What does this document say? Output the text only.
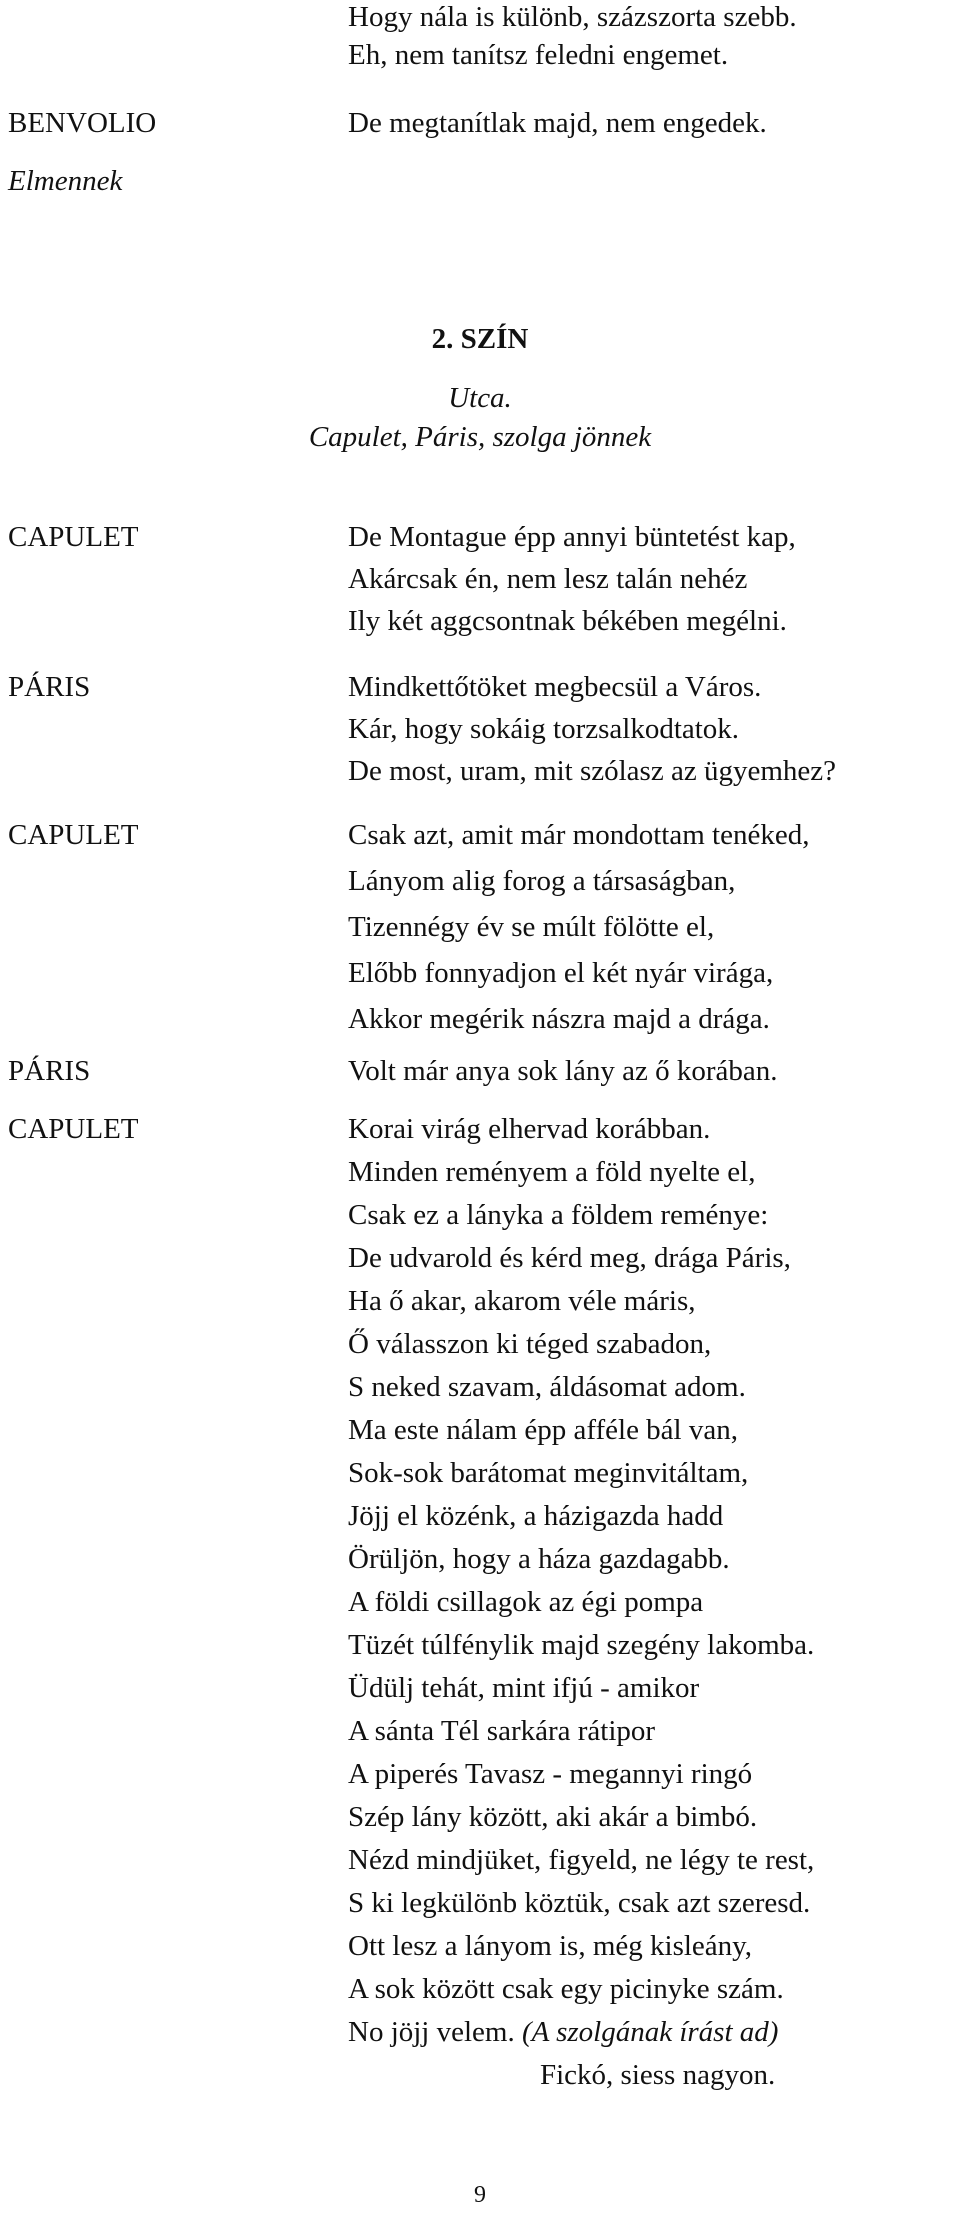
Hogy nála is különb, százszorta szebb.
Eh, nem tanítsz feledni engemet.
BENVOLIO	De megtanítlak majd, nem engedek.
Elmennek
2. SZÍN
Utca.
Capulet, Páris, szolga jönnek
CAPULET	De Montague épp annyi büntetést kap,
Akárcsak én, nem lesz talán nehéz
Ily két aggcsontnak békében megélni.
PÁRIS	Mindkettőtöket megbecsül a Város.
Kár, hogy sokáig torzsalkodtatok.
De most, uram, mit szólasz az ügyemhez?
CAPULET	Csak azt, amit már mondottam tenéked,
Lányom alig forog a társaságban,
Tizennégy év se múlt fölötte el,
Előbb fonnyadjon el két nyár virága,
Akkor megérik nászra majd a drága.
PÁRIS	Volt már anya sok lány az ő korában.
CAPULET	Korai virág elhervad korábban.
Minden reményem a föld nyelte el,
Csak ez a lányka a földem reménye:
De udvarold és kérd meg, drága Páris,
Ha ő akar, akarom véle máris,
Ő válasszon ki téged szabadon,
S neked szavam, áldásomat adom.
Ma este nálam épp afféle bál van,
Sok-sok barátomat meginvitáltam,
Jöjj el közénk, a házigazda hadd
Örüljön, hogy a háza gazdagabb.
A földi csillagok az égi pompa
Tüzét túlfénylik majd szegény lakomba.
Üdülj tehát, mint ifjú - amikor
A sánta Tél sarkára rátipor
A piperés Tavasz - megannyi ringó
Szép lány között, aki akár a bimbó.
Nézd mindjüket, figyeld, ne légy te rest,
S ki legkülönb köztük, csak azt szeresd.
Ott lesz a lányom is, még kisleány,
A sok között csak egy picinyke szám.
No jöjj velem. (A szolgának írást ad)
Fickó, siess nagyon.
9
